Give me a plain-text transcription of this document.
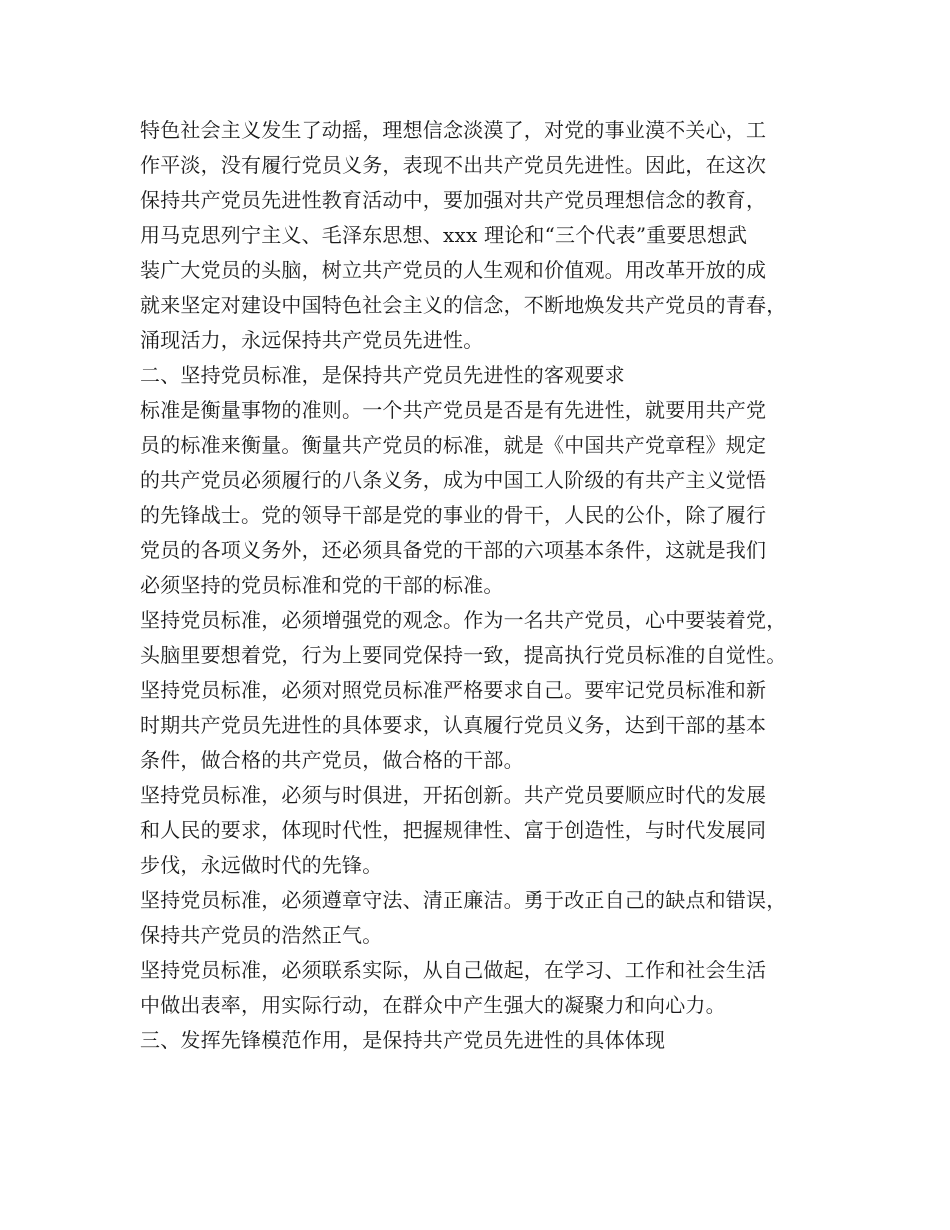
特色社会主义发生了动摇，理想信念淡漠了，对党的事业漠不关心，工
作平淡，没有履行党员义务，表现不出共产党员先进性。因此，在这次
保持共产党员先进性教育活动中，要加强对共产党员理想信念的教育，
用马克思列宁主义、毛泽东思想、xxx 理论和“三个代表”重要思想武
装广大党员的头脑，树立共产党员的人生观和价值观。用改革开放的成
就来坚定对建设中国特色社会主义的信念，不断地焕发共产党员的青春，
涌现活力，永远保持共产党员先进性。
二、坚持党员标准，是保持共产党员先进性的客观要求
标准是衡量事物的准则。一个共产党员是否是有先进性，就要用共产党
员的标准来衡量。衡量共产党员的标准，就是《中国共产党章程》规定
的共产党员必须履行的八条义务，成为中国工人阶级的有共产主义觉悟
的先锋战士。党的领导干部是党的事业的骨干，人民的公仆，除了履行
党员的各项义务外，还必须具备党的干部的六项基本条件，这就是我们
必须坚持的党员标准和党的干部的标准。
坚持党员标准，必须增强党的观念。作为一名共产党员，心中要装着党，
头脑里要想着党，行为上要同党保持一致，提高执行党员标准的自觉性。
坚持党员标准，必须对照党员标准严格要求自己。要牢记党员标准和新
时期共产党员先进性的具体要求，认真履行党员义务，达到干部的基本
条件，做合格的共产党员，做合格的干部。
坚持党员标准，必须与时俱进，开拓创新。共产党员要顺应时代的发展
和人民的要求，体现时代性，把握规律性、富于创造性，与时代发展同
步伐，永远做时代的先锋。
坚持党员标准，必须遵章守法、清正廉洁。勇于改正自己的缺点和错误，
保持共产党员的浩然正气。
坚持党员标准，必须联系实际，从自己做起，在学习、工作和社会生活
中做出表率，用实际行动，在群众中产生强大的凝聚力和向心力。
三、发挥先锋模范作用，是保持共产党员先进性的具体体现
